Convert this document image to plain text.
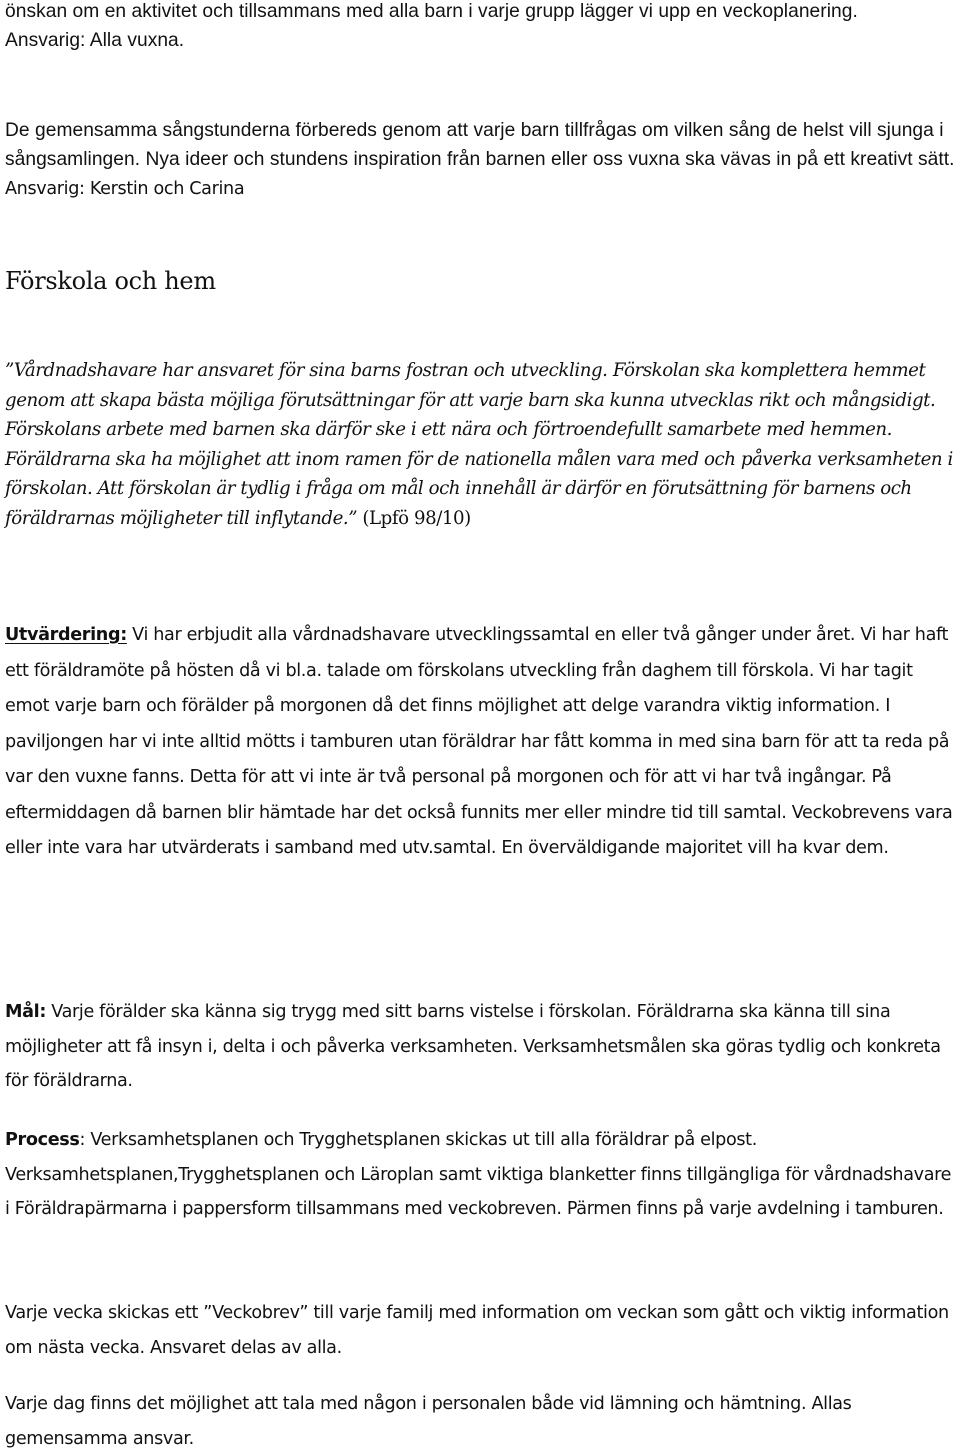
önskan om en aktivitet och tillsammans med alla barn i varje grupp lägger vi upp en veckoplanering. Ansvarig: Alla vuxna.

De gemensamma sångstunderna förbereds genom att varje barn tillfrågas om vilken sång de helst vill sjunga i sångsamlingen. Nya ideer och stundens inspiration från barnen eller oss vuxna ska vävas in på ett kreativt sätt. Ansvarig: Kerstin och Carina

Förskola och hem

”Vårdnadshavare har ansvaret för sina barns fostran och utveckling. Förskolan ska komplettera hemmet genom att skapa bästa möjliga förutsättningar för att varje barn ska kunna utvecklas rikt och mångsidigt. Förskolans arbete med barnen ska därför ske i ett nära och förtroendefullt samarbete med hemmen. Föräldrarna ska ha möjlighet att inom ramen för de nationella målen vara med och påverka verksamheten i förskolan. Att förskolan är tydlig i fråga om mål och innehåll är därför en förutsättning för barnens och föräldrarnas möjligheter till inflytande.” (Lpfö 98/10)

Utvärdering: Vi har erbjudit alla vårdnadshavare utvecklingssamtal en eller två gånger under året. Vi har haft ett föräldramöte på hösten då vi bl.a. talade om förskolans utveckling från daghem till förskola. Vi har tagit emot varje barn och förälder på morgonen då det finns möjlighet att delge varandra viktig information. I paviljongen har vi inte alltid mötts i tamburen utan föräldrar har fått komma in med sina barn för att ta reda på var den vuxne fanns. Detta för att vi inte är två personal på morgonen och för att vi har två ingångar. På eftermiddagen då barnen blir hämtade har det också funnits mer eller mindre tid till samtal. Veckobrevens vara eller inte vara har utvärderats i samband med utv.samtal. En överväldigande majoritet vill ha kvar dem.

Mål: Varje förälder ska känna sig trygg med sitt barns vistelse i förskolan. Föräldrarna ska känna till sina möjligheter att få insyn i, delta i och påverka verksamheten. Verksamhetsmålen ska göras tydlig och konkreta för föräldrarna.

Process: Verksamhetsplanen och Trygghetsplanen skickas ut till alla föräldrar på elpost. Verksamhetsplanen,Trygghetsplanen och Läroplan samt viktiga blanketter finns tillgängliga för vårdnadshavare i Föräldrapärmarna i pappersform tillsammans med veckobreven. Pärmen finns på varje avdelning i tamburen.

Varje vecka skickas ett ”Veckobrev” till varje familj med information om veckan som gått och viktig information om nästa vecka. Ansvaret delas av alla.

Varje dag finns det möjlighet att tala med någon i personalen både vid lämning och hämtning. Allas gemensamma ansvar.
